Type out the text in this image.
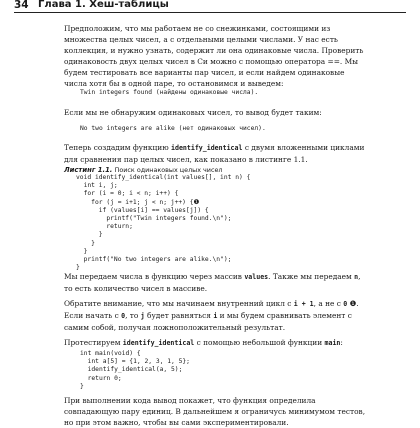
34 Глава 1. Хеш-таблицы

Предположим, что мы работаем не со снежинками, состоящими из множества целых чисел, а с отдельными целыми числами. У нас есть коллекция, и нужно узнать, содержит ли она одинаковые числа. Проверить одинаковость двух целых чисел в Си можно с помощью оператора ==. Мы будем тестировать все варианты пар чисел, и если найдем одинаковые числа хотя бы в одной паре, то остановимся и выведем:

Twin integers found (найдены одинаковые числа).

Если мы не обнаружим одинаковых чисел, то вывод будет таким:

No two integers are alike (нет одинаковых чисел).

Теперь создадим функцию identify_identical с двумя вложенными циклами для сравнения пар целых чисел, как показано в листинге 1.1.

Листинг 1.1. Поиск одинаковых целых чисел
void identify_identical(int values[], int n) {
int i, j;
for (i = 0; i < n; i++) {
for (j = i+1; j < n; j++) {❶
if (values[i] == values[j]) {
printf("Twin integers found.\n");
return;
}
}
}
printf("No two integers are alike.\n");
}

Мы передаем числа в функцию через массив values. Также мы передаем n, то есть количество чисел в массиве.

Обратите внимание, что мы начинаем внутренний цикл с i + 1, а не с 0 ❶. Если начать с 0, то j будет равняться i и мы будем сравнивать элемент с самим собой, получая ложноположительный результат.

Протестируем identify_identical с помощью небольшой функции main:

int main(void) {
int a[5] = {1, 2, 3, 1, 5};
identify_identical(a, 5);
return 0;
}

При выполнении кода вывод покажет, что функция определила совпадающую пару единиц. В дальнейшем я ограничусь минимумом тестов, но при этом важно, чтобы вы сами экспериментировали.
